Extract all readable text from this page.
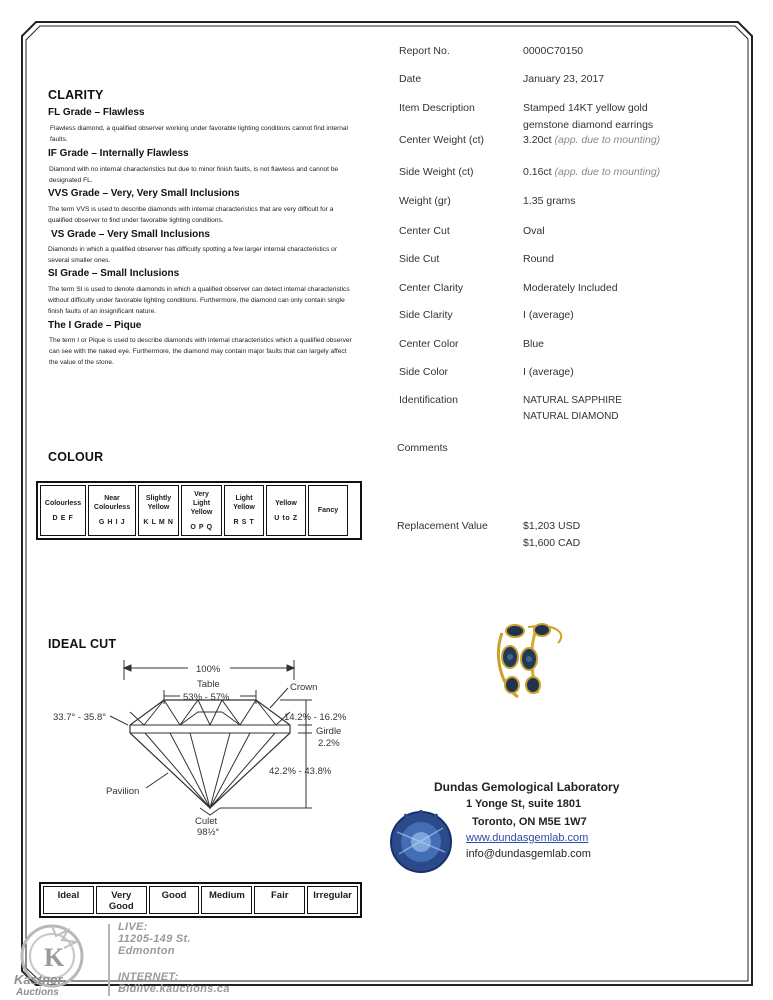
CLARITY
FL Grade – Flawless
Flawless diamond, a qualified observer working under favorable lighting conditions cannot find internal faults.
IF Grade – Internally Flawless
Diamond with no internal characteristics but due to minor finish faults, is not flawless and cannot be designated FL.
VVS Grade – Very, Very Small Inclusions
The term VVS is used to describe diamonds with internal characteristics that are very difficult for a qualified observer to find under favorable lighting conditions.
VS Grade – Very Small Inclusions
Diamonds in which a qualified observer has difficulty spotting a few larger internal characteristics or several smaller ones.
SI Grade – Small Inclusions
The term SI is used to denote diamonds in which a qualified observer can detect internal characteristics without difficulty under favorable lighting conditions. Furthermore, the diamond can only contain single finish faults of an insignificant nature.
The I Grade – Pique
The term I or Pique is used to describe diamonds with internal characteristics which a qualified observer can see with the naked eye. Furthermore, the diamond may contain major faults that can largely affect the value of the stone.
COLOUR
Colourless
D E F
Near
Colourless
G H I J
Slightly
Yellow
K L M N
Very
Light
Yellow
O P Q
Light
Yellow
R S T
Yellow
U to Z
Fancy
IDEAL CUT
100%
Table
53% - 57%
Crown
33.7° - 35.8°	14.2% - 16.2%
Girdle
2.2%
42.2% - 43.8%
Pavilion
Culet
98½°
Ideal	Very
Good
Good	Medium	Fair	Irregular
Report No.	0000C70150
Date	January 23, 2017
Item Description	Stamped 14KT yellow gold
gemstone diamond earrings
Center Weight (ct)	3.20ct (app. due to mounting)
Side Weight (ct)	0.16ct (app. due to mounting)
Weight (gr)	1.35 grams
Center Cut	Oval
Side Cut	Round
Center Clarity	Moderately Included
Side Clarity	I (average)
Center Color	Blue
Side Color	I (average)
Identification	NATURAL SAPPHIRE
NATURAL DIAMOND
Comments
Replacement Value	$1,203 USD
$1,600 CAD
Dundas Gemological Laboratory
1 Yonge St, suite 1801
Toronto, ON M5E 1W7
www.dundasgemlab.com
info@dundasgemlab.com
K
Kastner
Auctions
LIVE:
11205-149 St.
Edmonton
INTERNET:
Bidlive.kauctions.ca
